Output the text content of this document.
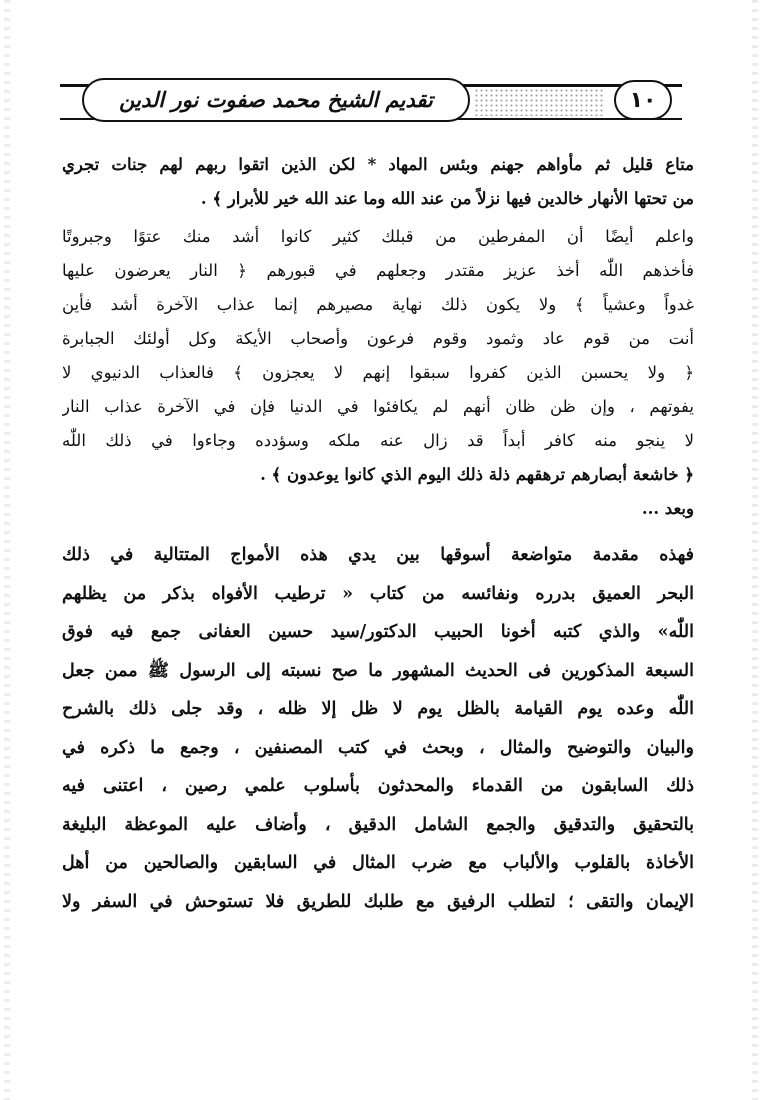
تقديم الشيخ محمد صفوت نور الدين	١٠
متاع قليل ثم مأواهم جهنم وبئس المهاد * لكن الذين اتقوا ربهم لهم جنات تجري
من تحتها الأنهار خالدين فيها نزلاً من عند الله وما عند الله خير للأبرار ﴾ .
واعلم أيضًا أن المفرطين من قبلك كثير كانوا أشد منك عتوًا وجبروتًا
فأخذهم اللّٰه أخذ عزيز مقتدر وجعلهم في قبورهم ﴿ النار يعرضون عليها
غدواً وعشياً ﴾ ولا يكون ذلك نهاية مصيرهم إنما عذاب الآخرة أشد فأين
أنت من قوم عاد وثمود وقوم فرعون وأصحاب الأيكة وكل أولئك الجبابرة
﴿ ولا يحسبن الذين كفروا سبقوا إنهم لا يعجزون ﴾ فالعذاب الدنيوي لا
يفوتهم ، وإن ظن ظان أنهم لم يكافئوا في الدنيا فإن في الآخرة عذاب النار
لا ينجو منه كافر أبداً قد زال عنه ملكه وسؤدده وجاءوا في ذلك اللّٰه
﴿ خاشعة أبصارهم ترهقهم ذلة ذلك اليوم الذي كانوا يوعدون ﴾ .
وبعد ...
فهذه مقدمة متواضعة أسوقها بين يدي هذه الأمواج المتتالية في ذلك
البحر العميق بدرره ونفائسه من كتاب « ترطيب الأفواه بذكر من يظلهم
اللّٰه» والذي كتبه أخونا الحبيب الدكتور/سيد حسين العفانى جمع فيه فوق
السبعة المذكورين فى الحديث المشهور ما صح نسبته إلى الرسول ﷺ ممن جعل
اللّٰه وعده يوم القيامة بالظل يوم لا ظل إلا ظله ، وقد جلى ذلك بالشرح
والبيان والتوضيح والمثال ، وبحث في كتب المصنفين ، وجمع ما ذكره في
ذلك السابقون من القدماء والمحدثون بأسلوب علمي رصين ، اعتنى فيه
بالتحقيق والتدقيق والجمع الشامل الدقيق ، وأضاف عليه الموعظة البليغة
الأخاذة بالقلوب والألباب مع ضرب المثال في السابقين والصالحين من أهل
الإيمان والتقى ؛ لتطلب الرفيق مع طلبك للطريق فلا تستوحش في السفر ولا
